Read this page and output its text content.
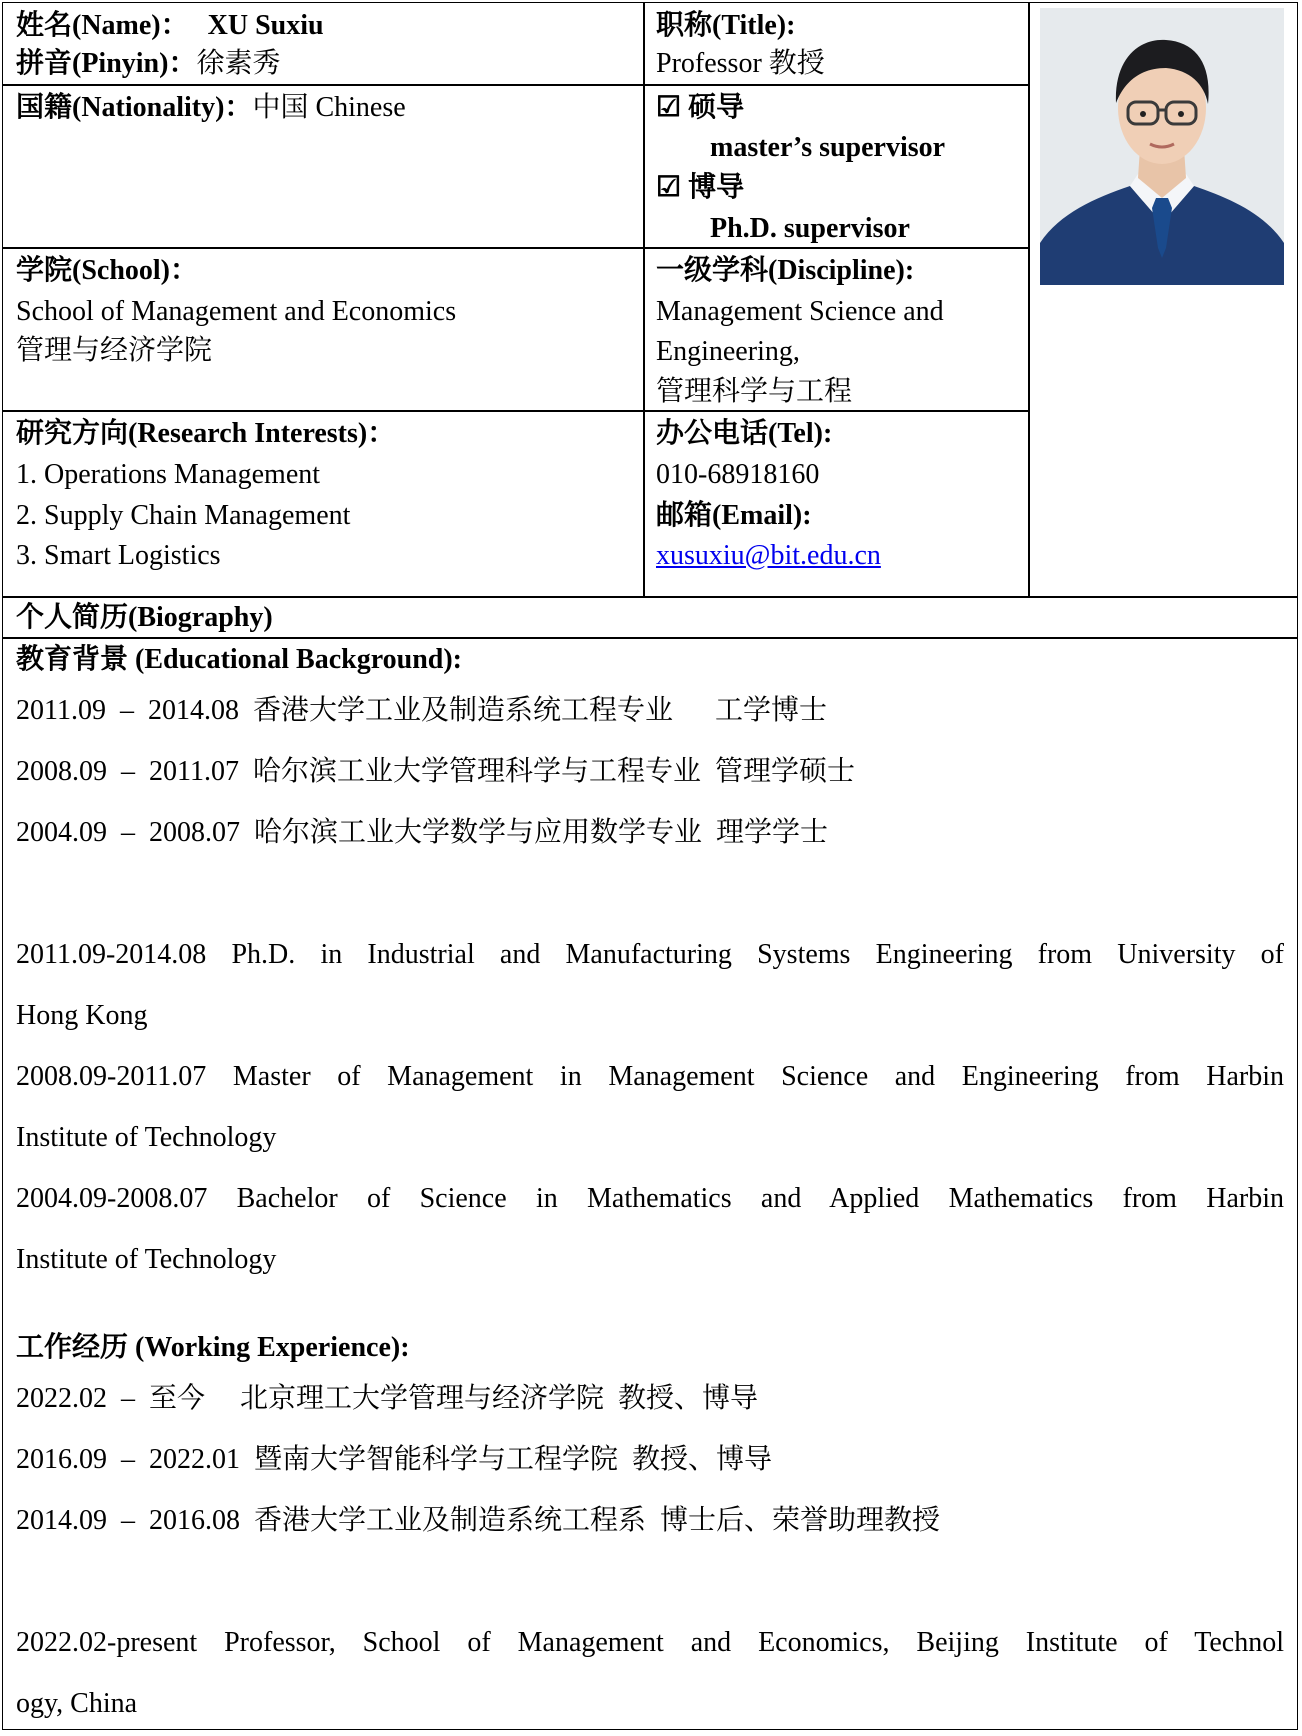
姓名(Name)： XU Suxiu
拼音(Pinyin)：徐素秀
职称(Title):
Professor 教授
国籍(Nationality)：中国 Chinese	☑ 硕导
master’s supervisor
☑ 博导
Ph.D. supervisor
学院(School)：
School of Management and Economics
管理与经济学院
一级学科(Discipline):
Management Science and
Engineering,
管理科学与工程
研究方向(Research Interests)：
1. Operations Management
2. Supply Chain Management
3. Smart Logistics
办公电话(Tel):
010-68918160
邮箱(Email):
xusuxiu@bit.edu.cn
个人简历(Biography)
教育背景 (Educational Background):
2011.09  –  2014.08  香港大学工业及制造系统工程专业      工学博士
2008.09  –  2011.07  哈尔滨工业大学管理科学与工程专业  管理学硕士
2004.09  –  2008.07  哈尔滨工业大学数学与应用数学专业  理学学士
2011.09-2014.08 Ph.D. in Industrial and Manufacturing Systems Engineering from University of
Hong Kong
2008.09-2011.07 Master of Management in Management Science and Engineering from Harbin
Institute of Technology
2004.09-2008.07 Bachelor of Science in Mathematics and Applied Mathematics from Harbin
Institute of Technology
工作经历 (Working Experience):
2022.02  –  至今     北京理工大学管理与经济学院  教授、博导
2016.09  –  2022.01  暨南大学智能科学与工程学院  教授、博导
2014.09  –  2016.08  香港大学工业及制造系统工程系  博士后、荣誉助理教授
2022.02-present Professor, School of Management and Economics, Beijing Institute of Technol
ogy, China
